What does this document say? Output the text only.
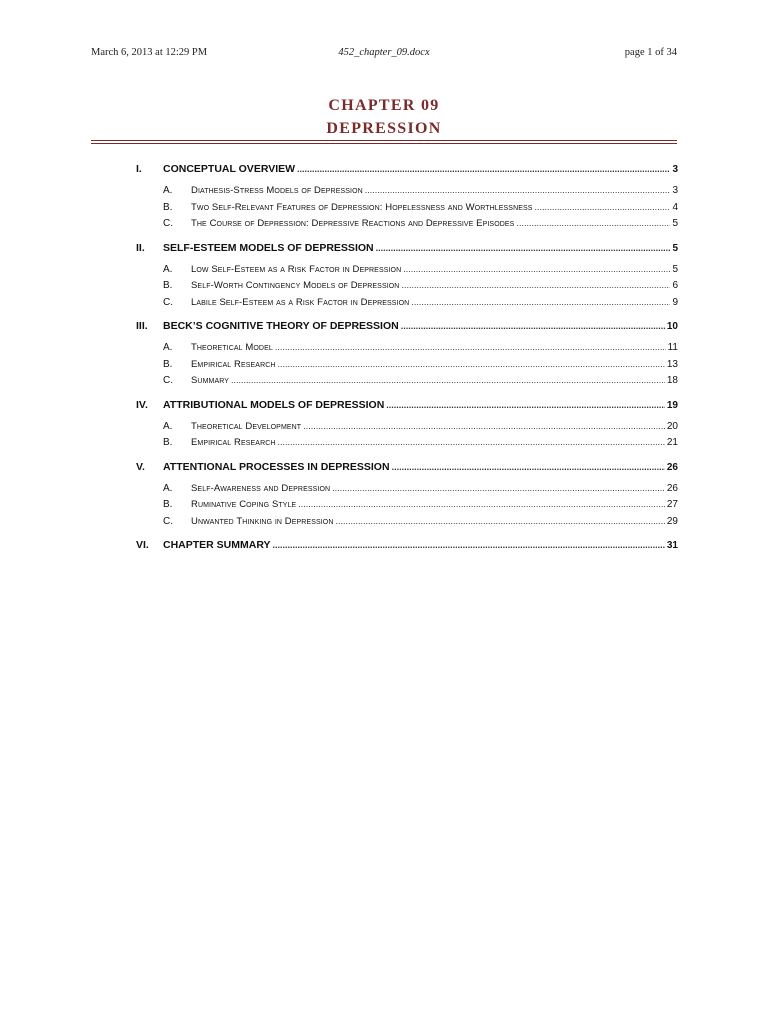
March 6, 2013 at 12:29 PM	452_chapter_09.docx	page 1 of 34
CHAPTER 09
DEPRESSION
I.	CONCEPTUAL OVERVIEW .....	3
A.	Diathesis-Stress Models of Depression .....	3
B.	Two Self-Relevant Features of Depression: Hopelessness and Worthlessness .....	4
C.	The Course of Depression: Depressive Reactions and Depressive Episodes .....	5
II.	SELF-ESTEEM MODELS OF DEPRESSION .....	5
A.	Low Self-Esteem as a Risk Factor in Depression .....	5
B.	Self-Worth Contingency Models of Depression .....	6
C.	Labile Self-Esteem as a Risk Factor in Depression .....	9
III.	BECK’S COGNITIVE THEORY OF DEPRESSION .....	10
A.	Theoretical Model .....	11
B.	Empirical Research .....	13
C.	Summary .....	18
IV.	ATTRIBUTIONAL MODELS OF DEPRESSION .....	19
A.	Theoretical Development .....	20
B.	Empirical Research .....	21
V.	ATTENTIONAL PROCESSES IN DEPRESSION .....	26
A.	Self-Awareness and Depression .....	26
B.	Ruminative Coping Style .....	27
C.	Unwanted Thinking in Depression .....	29
VI.	CHAPTER SUMMARY .....	31
